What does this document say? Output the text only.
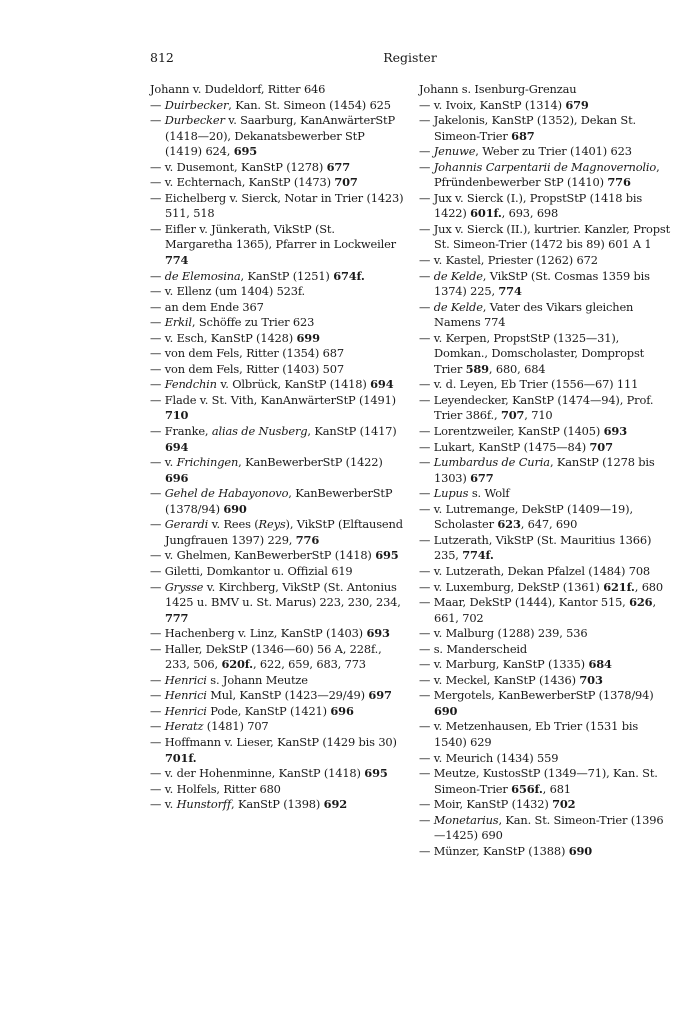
812	Register

Johann v. Dudeldorf, Ritter 646

— Duirbecker, Kan. St. Simeon (1454) 625

— Durbecker v. Saarburg, KanAnwärterStP (1418—20), Dekanatsbewerber StP (1419) 624, 695

— v. Dusemont, KanStP (1278) 677

— v. Echternach, KanStP (1473) 707

— Eichelberg v. Sierck, Notar in Trier (1423) 511, 518

— Eifler v. Jünkerath, VikStP (St. Margaretha 1365), Pfarrer in Lockweiler 774

— de Elemosina, KanStP (1251) 674f.

— v. Ellenz (um 1404) 523f.

— an dem Ende 367

— Erkil, Schöffe zu Trier 623

— v. Esch, KanStP (1428) 699

— von dem Fels, Ritter (1354) 687

— von dem Fels, Ritter (1403) 507

— Fendchin v. Olbrück, KanStP (1418) 694

— Flade v. St. Vith, KanAnwärterStP (1491) 710

— Franke, alias de Nusberg, KanStP (1417) 694

— v. Frichingen, KanBewerberStP (1422) 696

— Gehel de Habayonovo, KanBewerberStP (1378/94) 690

— Gerardi v. Rees (Reys), VikStP (Elftausend Jungfrauen 1397) 229, 776

— v. Ghelmen, KanBewerberStP (1418) 695

— Giletti, Domkantor u. Offizial 619

— Grysse v. Kirchberg, VikStP (St. Antonius 1425 u. BMV u. St. Marus) 223, 230, 234, 777

— Hachenberg v. Linz, KanStP (1403) 693

— Haller, DekStP (1346—60) 56 A, 228f., 233, 506, 620f., 622, 659, 683, 773

— Henrici s. Johann Meutze

— Henrici Mul, KanStP (1423—29/49) 697

— Henrici Pode, KanStP (1421) 696

— Heratz (1481) 707

— Hoffmann v. Lieser, KanStP (1429 bis 30) 701f.

— v. der Hohenminne, KanStP (1418) 695

— v. Holfels, Ritter 680

— v. Hunstorff, KanStP (1398) 692

Johann s. Isenburg-Grenzau

— v. Ivoix, KanStP (1314) 679

— Jakelonis, KanStP (1352), Dekan St. Simeon-Trier 687

— Jenuwe, Weber zu Trier (1401) 623

— Johannis Carpentarii de Magnovernolio, Pfründenbewerber StP (1410) 776

— Jux v. Sierck (I.), PropstStP (1418 bis 1422) 601f., 693, 698

— Jux v. Sierck (II.), kurtrier. Kanzler, Propst St. Simeon-Trier (1472 bis 89) 601 A 1

— v. Kastel, Priester (1262) 672

— de Kelde, VikStP (St. Cosmas 1359 bis 1374) 225, 774

— de Kelde, Vater des Vikars gleichen Namens 774

— v. Kerpen, PropstStP (1325—31), Domkan., Domscholaster, Dompropst Trier 589, 680, 684

— v. d. Leyen, Eb Trier (1556—67) 111

— Leyendecker, KanStP (1474—94), Prof. Trier 386f., 707, 710

— Lorentzweiler, KanStP (1405) 693

— Lukart, KanStP (1475—84) 707

— Lumbardus de Curia, KanStP (1278 bis 1303) 677

— Lupus s. Wolf

— v. Lutremange, DekStP (1409—19), Scholaster 623, 647, 690

— Lutzerath, VikStP (St. Mauritius 1366) 235, 774f.

— v. Lutzerath, Dekan Pfalzel (1484) 708

— v. Luxemburg, DekStP (1361) 621f., 680

— Maar, DekStP (1444), Kantor 515, 626, 661, 702

— v. Malburg (1288) 239, 536

— s. Manderscheid

— v. Marburg, KanStP (1335) 684

— v. Meckel, KanStP (1436) 703

— Mergotels, KanBewerberStP (1378/94) 690

— v. Metzenhausen, Eb Trier (1531 bis 1540) 629

— v. Meurich (1434) 559

— Meutze, KustosStP (1349—71), Kan. St. Simeon-Trier 656f., 681

— Moir, KanStP (1432) 702

— Monetarius, Kan. St. Simeon-Trier (1396—1425) 690

— Münzer, KanStP (1388) 690
